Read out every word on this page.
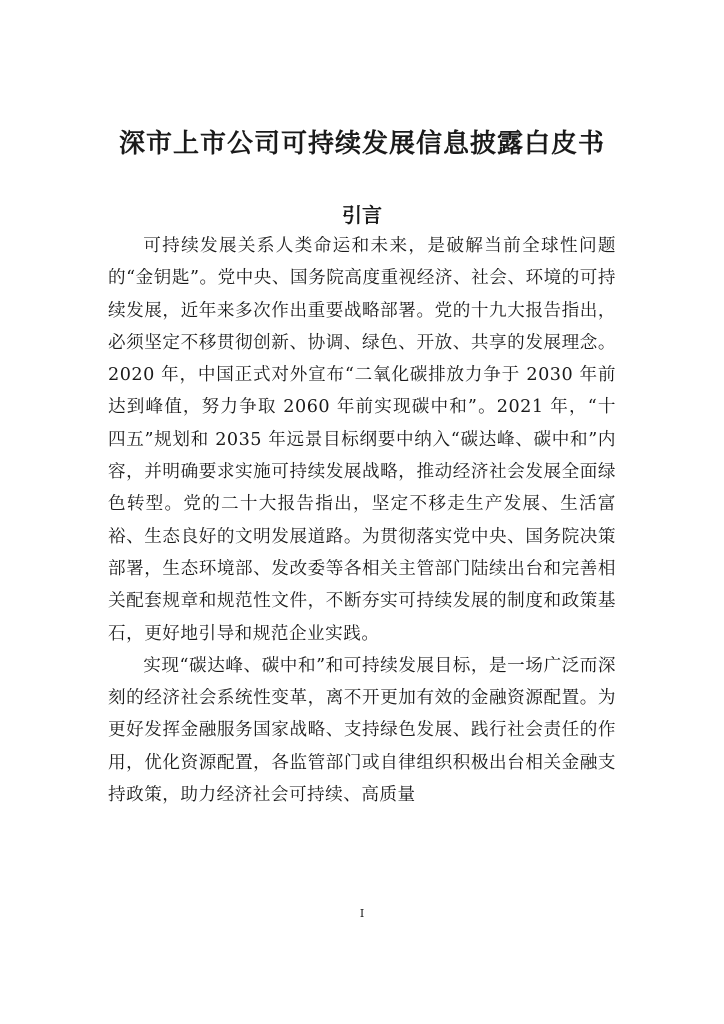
深市上市公司可持续发展信息披露白皮书
引言

可持续发展关系人类命运和未来，是破解当前全球性问题的“金钥匙”。党中央、国务院高度重视经济、社会、环境的可持续发展，近年来多次作出重要战略部署。党的十九大报告指出，必须坚定不移贯彻创新、协调、绿色、开放、共享的发展理念。2020 年，中国正式对外宣布“二氧化碳排放力争于 2030 年前达到峰值，努力争取 2060 年前实现碳中和”。2021 年，“十四五”规划和 2035 年远景目标纲要中纳入“碳达峰、碳中和”内容，并明确要求实施可持续发展战略，推动经济社会发展全面绿色转型。党的二十大报告指出，坚定不移走生产发展、生活富裕、生态良好的文明发展道路。为贯彻落实党中央、国务院决策部署，生态环境部、发改委等各相关主管部门陆续出台和完善相关配套规章和规范性文件，不断夯实可持续发展的制度和政策基石，更好地引导和规范企业实践。

实现“碳达峰、碳中和”和可持续发展目标，是一场广泛而深刻的经济社会系统性变革，离不开更加有效的金融资源配置。为更好发挥金融服务国家战略、支持绿色发展、践行社会责任的作用，优化资源配置，各监管部门或自律组织积极出台相关金融支持政策，助力经济社会可持续、高质量

I
